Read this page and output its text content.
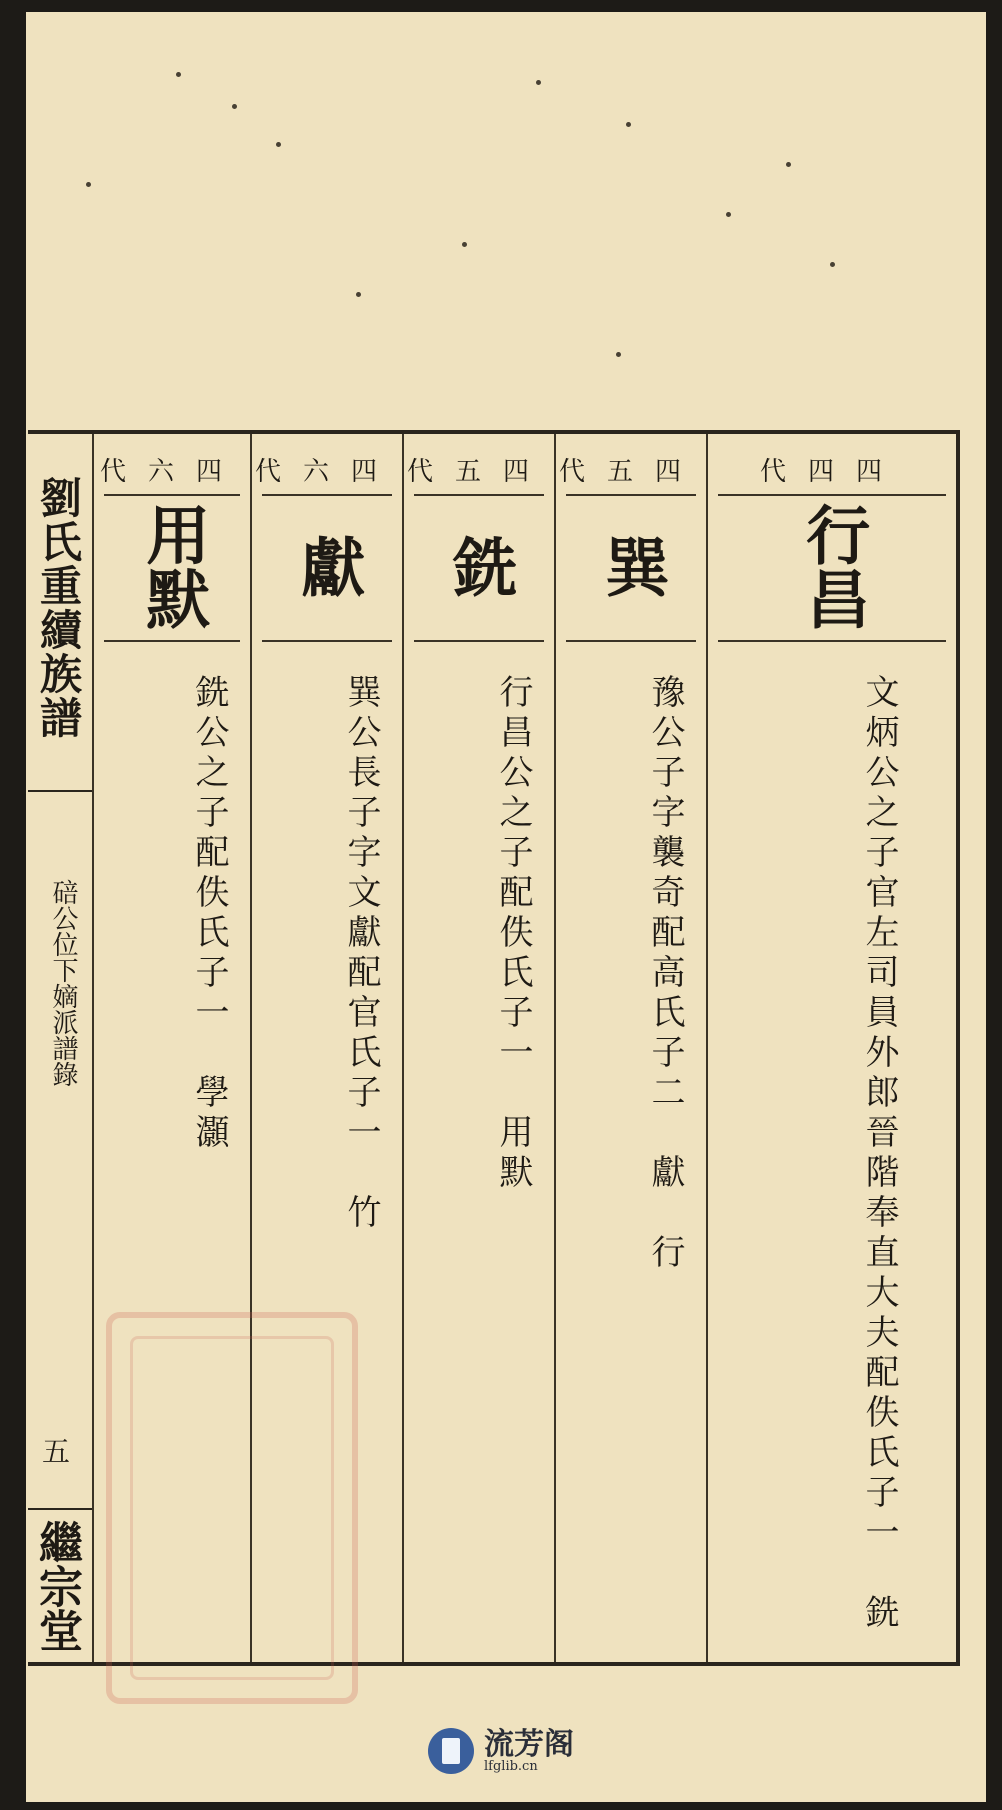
劉氏重續族譜
碚公位下嫡派譜錄
五
繼宗堂
代 六 四
用默
銑公之子配佚氏子一　學灝
代 六 四
獻
巽公長子字文獻配官氏子一　竹
代 五 四
銑
行昌公之子配佚氏子一　用默
代 五 四
巽
豫公子字襲奇配高氏子二　獻　行
代 四 四
行昌
文炳公之子官左司員外郎晉階奉直大夫配佚氏子一　銑
流芳阁
lfglib.cn
